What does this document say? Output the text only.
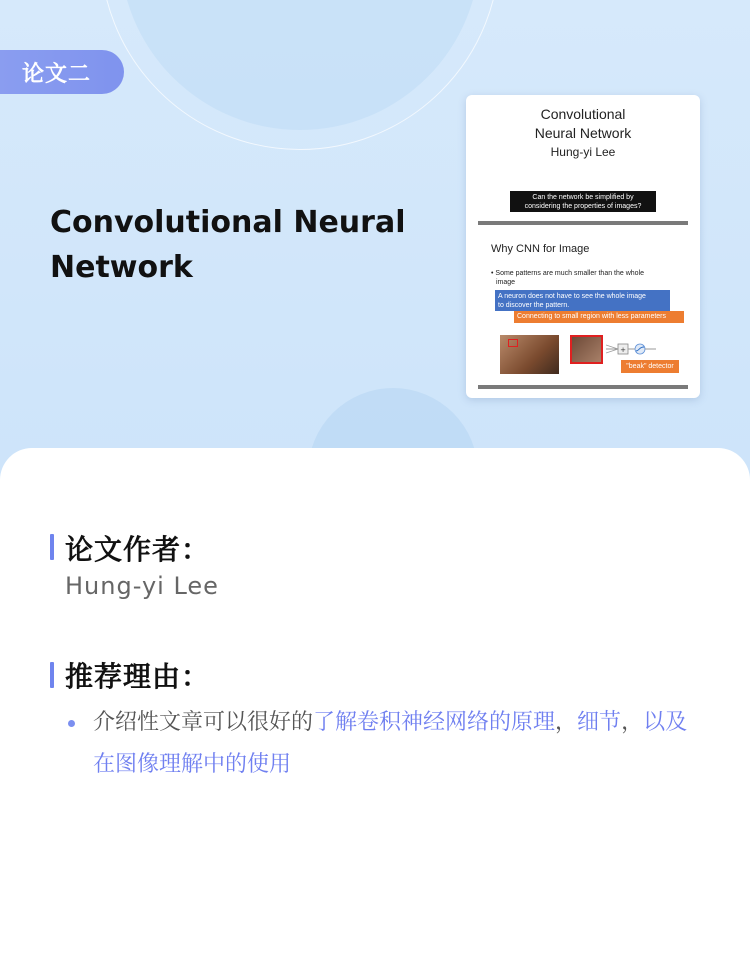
论文二
Convolutional Neural
Network
Convolutional
Neural Network
Hung-yi Lee
Can the network be simplified by
considering the properties of images?
Why CNN for Image
• Some patterns are much smaller than the whole
image
A neuron does not have to see the whole image
to discover the pattern.
Connecting to small region with less parameters
+
"beak" detector
论文作者：
Hung-yi Lee
推荐理由：
介绍性文章可以很好的了解卷积神经网络的原理，细节，以及在图像理解中的使用
